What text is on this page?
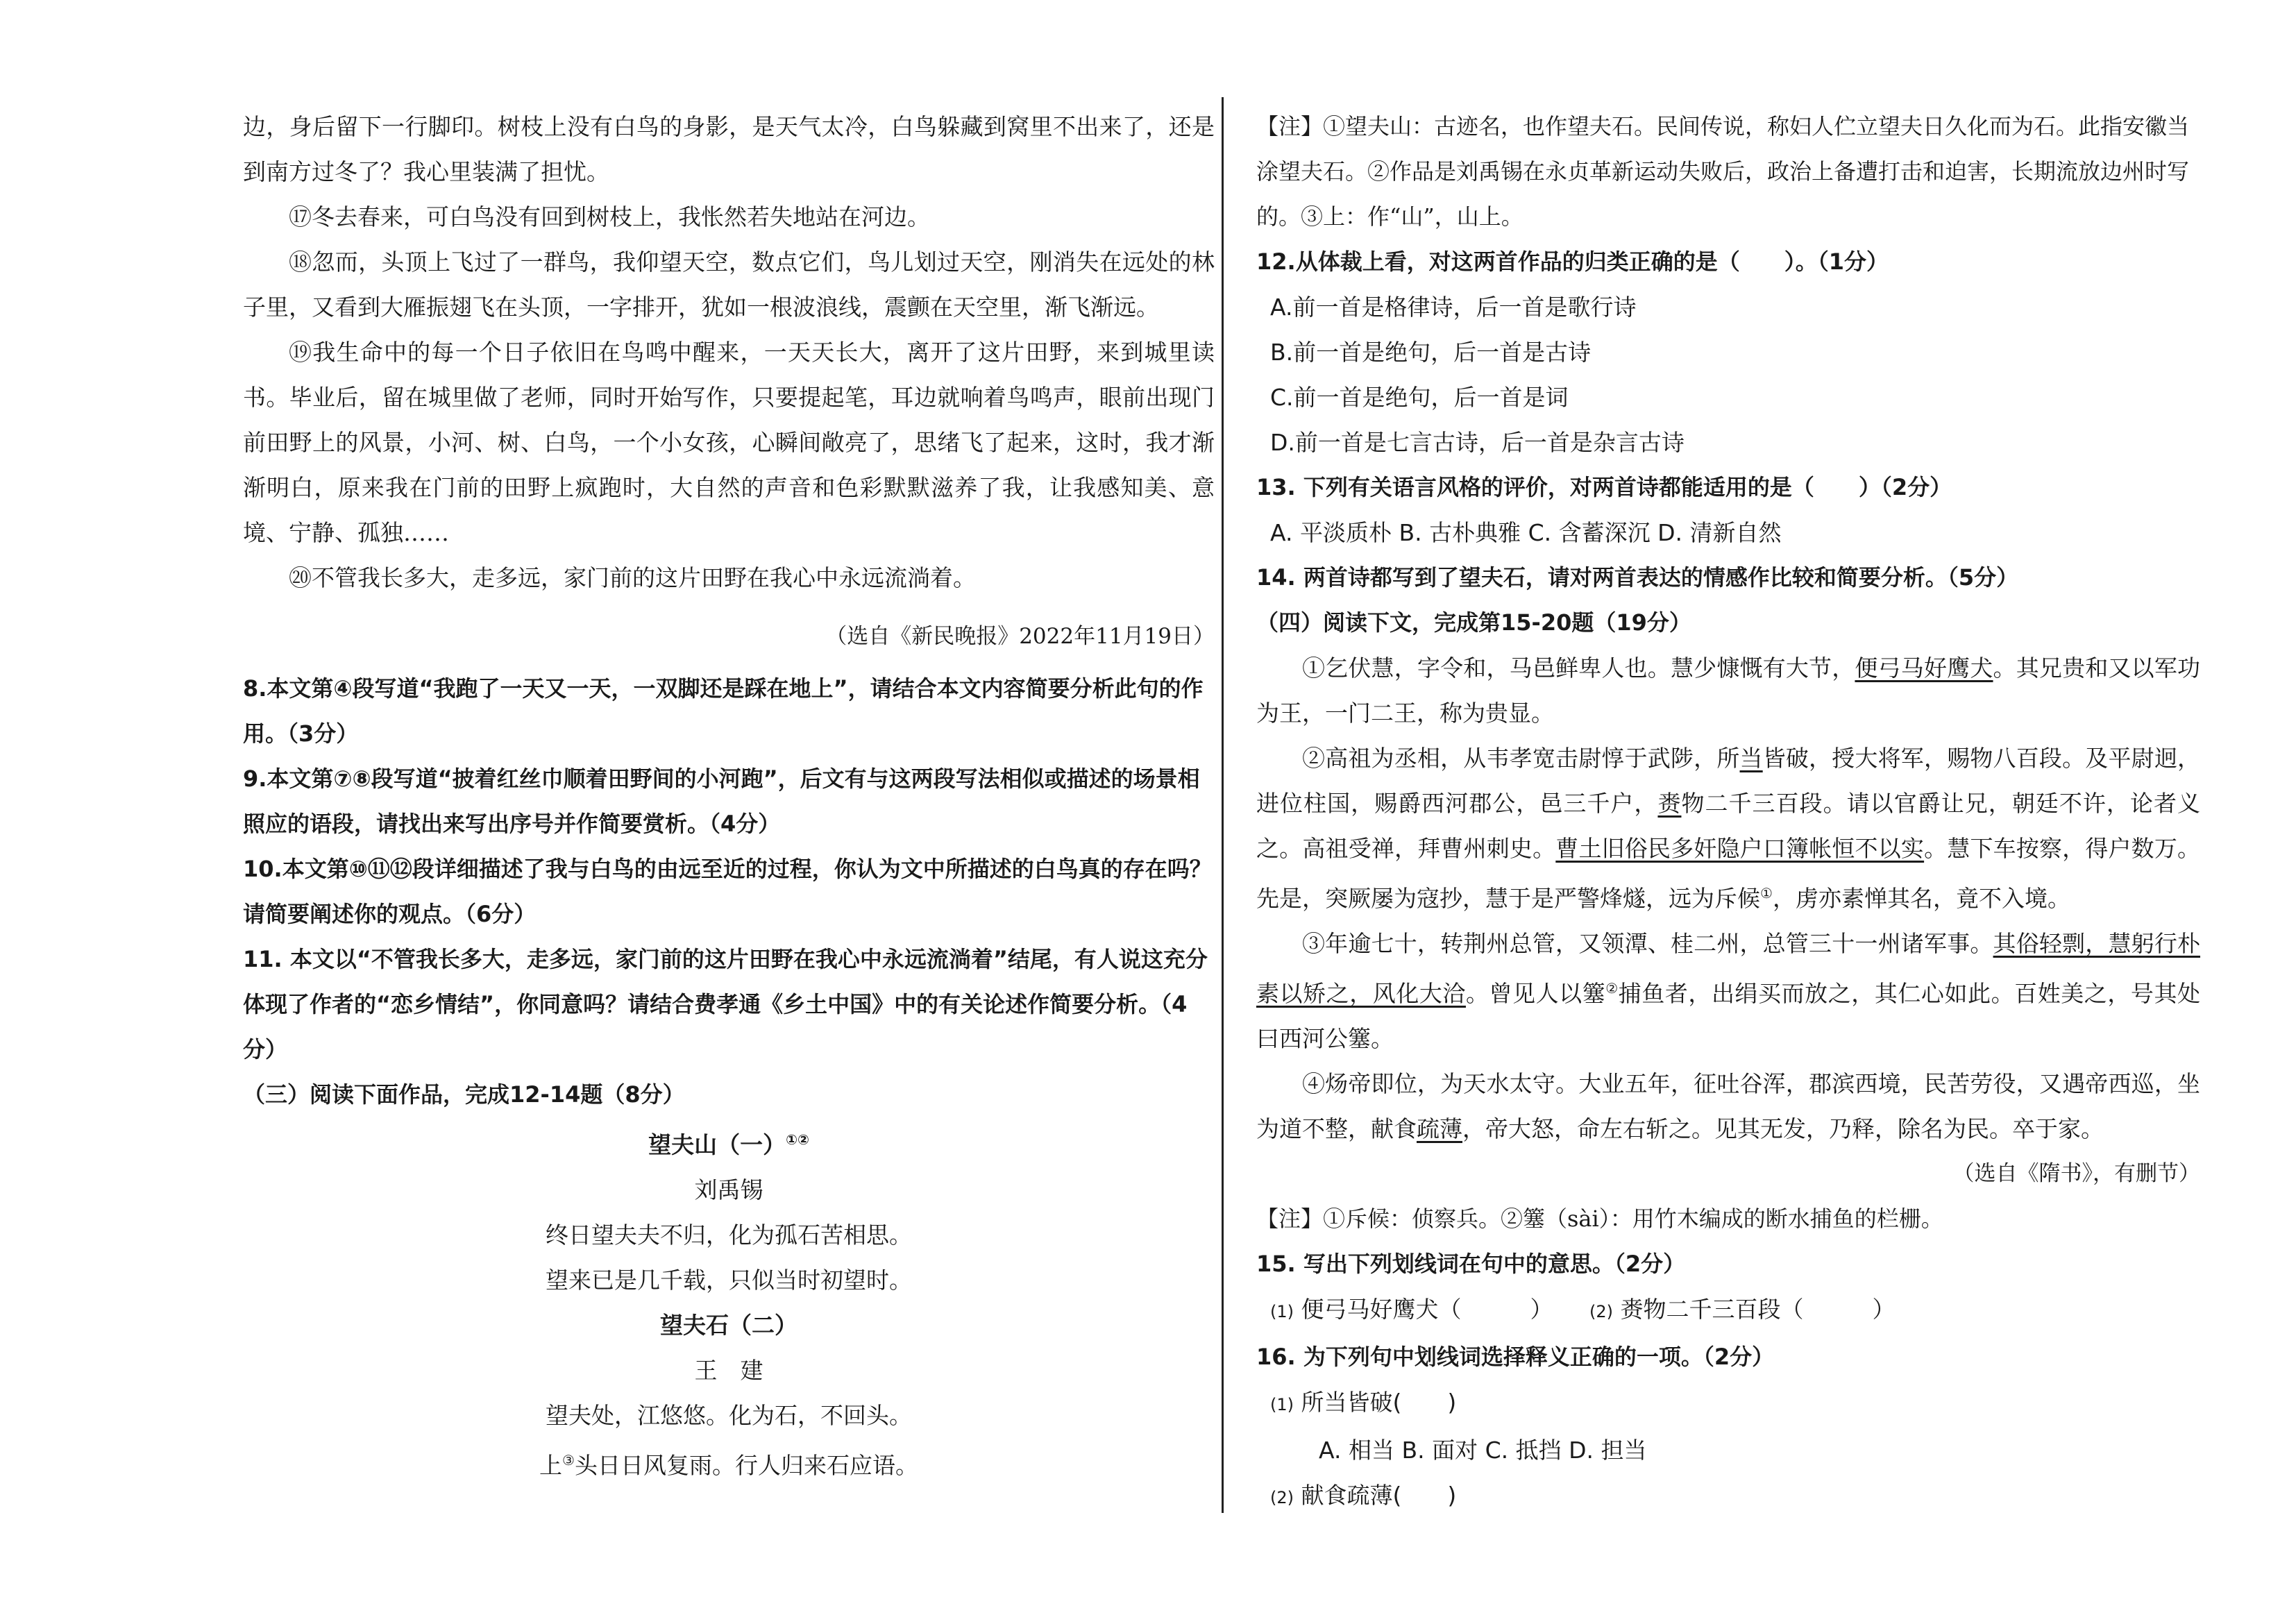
边，身后留下一行脚印。树枝上没有白鸟的身影，是天气太冷，白鸟躲藏到窝里不出来了，还是到南方过冬了？我心里装满了担忧。

⑰冬去春来，可白鸟没有回到树枝上，我怅然若失地站在河边。

⑱忽而，头顶上飞过了一群鸟，我仰望天空，数点它们，鸟儿划过天空，刚消失在远处的林子里，又看到大雁振翅飞在头顶，一字排开，犹如一根波浪线，震颤在天空里，渐飞渐远。

⑲我生命中的每一个日子依旧在鸟鸣中醒来，一天天长大，离开了这片田野，来到城里读书。毕业后，留在城里做了老师，同时开始写作，只要提起笔，耳边就响着鸟鸣声，眼前出现门前田野上的风景，小河、树、白鸟，一个小女孩，心瞬间敞亮了，思绪飞了起来，这时，我才渐渐明白，原来我在门前的田野上疯跑时，大自然的声音和色彩默默滋养了我，让我感知美、意境、宁静、孤独……

⑳不管我长多大，走多远，家门前的这片田野在我心中永远流淌着。

（选自《新民晚报》2022年11月19日）

8.本文第④段写道“我跑了一天又一天，一双脚还是踩在地上”，请结合本文内容简要分析此句的作用。（3分）

9.本文第⑦⑧段写道“披着红丝巾顺着田野间的小河跑”，后文有与这两段写法相似或描述的场景相照应的语段，请找出来写出序号并作简要赏析。（4分）

10.本文第⑩⑪⑫段详细描述了我与白鸟的由远至近的过程，你认为文中所描述的白鸟真的存在吗？请简要阐述你的观点。（6分）

11. 本文以“不管我长多大，走多远，家门前的这片田野在我心中永远流淌着”结尾，有人说这充分体现了作者的“恋乡情结”，你同意吗？请结合费孝通《乡土中国》中的有关论述作简要分析。（4分）

（三）阅读下面作品，完成12-14题（8分）

望夫山（一）①②

刘禹锡

终日望夫夫不归，化为孤石苦相思。

望来已是几千载，只似当时初望时。

望夫石（二）

王　建

望夫处，江悠悠。化为石，不回头。

上③头日日风复雨。行人归来石应语。

【注】①望夫山：古迹名，也作望夫石。民间传说，称妇人伫立望夫日久化而为石。此指安徽当涂望夫石。②作品是刘禹锡在永贞革新运动失败后，政治上备遭打击和迫害，长期流放边州时写的。③上：作“山”，山上。

12.从体裁上看，对这两首作品的归类正确的是（　　）。（1分）

A.前一首是格律诗，后一首是歌行诗

B.前一首是绝句，后一首是古诗

C.前一首是绝句，后一首是词

D.前一首是七言古诗，后一首是杂言古诗

13. 下列有关语言风格的评价，对两首诗都能适用的是（　　）（2分）

A. 平淡质朴 B. 古朴典雅 C. 含蓄深沉 D. 清新自然

14. 两首诗都写到了望夫石，请对两首表达的情感作比较和简要分析。（5分）

（四）阅读下文，完成第15-20题（19分）

①乞伏慧，字令和，马邑鲜卑人也。慧少慷慨有大节，便弓马好鹰犬。其兄贵和又以军功为王，一门二王，称为贵显。

②高祖为丞相，从韦孝宽击尉惇于武陟，所当皆破，授大将军，赐物八百段。及平尉迥，进位柱国，赐爵西河郡公，邑三千户，赉物二千三百段。请以官爵让兄，朝廷不许，论者义之。高祖受禅，拜曹州刺史。曹土旧俗民多奸隐户口簿帐恒不以实。慧下车按察，得户数万。先是，突厥屡为寇抄，慧于是严警烽燧，远为斥候①，虏亦素惮其名，竟不入境。

③年逾七十，转荆州总管，又领潭、桂二州，总管三十一州诸军事。其俗轻剽，慧躬行朴素以矫之，风化大洽。曾见人以簺②捕鱼者，出绢买而放之，其仁心如此。百姓美之，号其处曰西河公簺。

④炀帝即位，为天水太守。大业五年，征吐谷浑，郡滨西境，民苦劳役，又遇帝西巡，坐为道不整，献食疏薄，帝大怒，命左右斩之。见其无发，乃释，除名为民。卒于家。

（选自《隋书》，有删节）

【注】①斥候：侦察兵。②簺（sài）：用竹木编成的断水捕鱼的栏栅。

15. 写出下列划线词在句中的意思。（2分）

(1) 便弓马好鹰犬（　　　） (2) 赉物二千三百段（　　　）

16. 为下列句中划线词选择释义正确的一项。（2分）

(1) 所当皆破(　　)

A. 相当 B. 面对 C. 抵挡 D. 担当

(2) 献食疏薄(　　)
